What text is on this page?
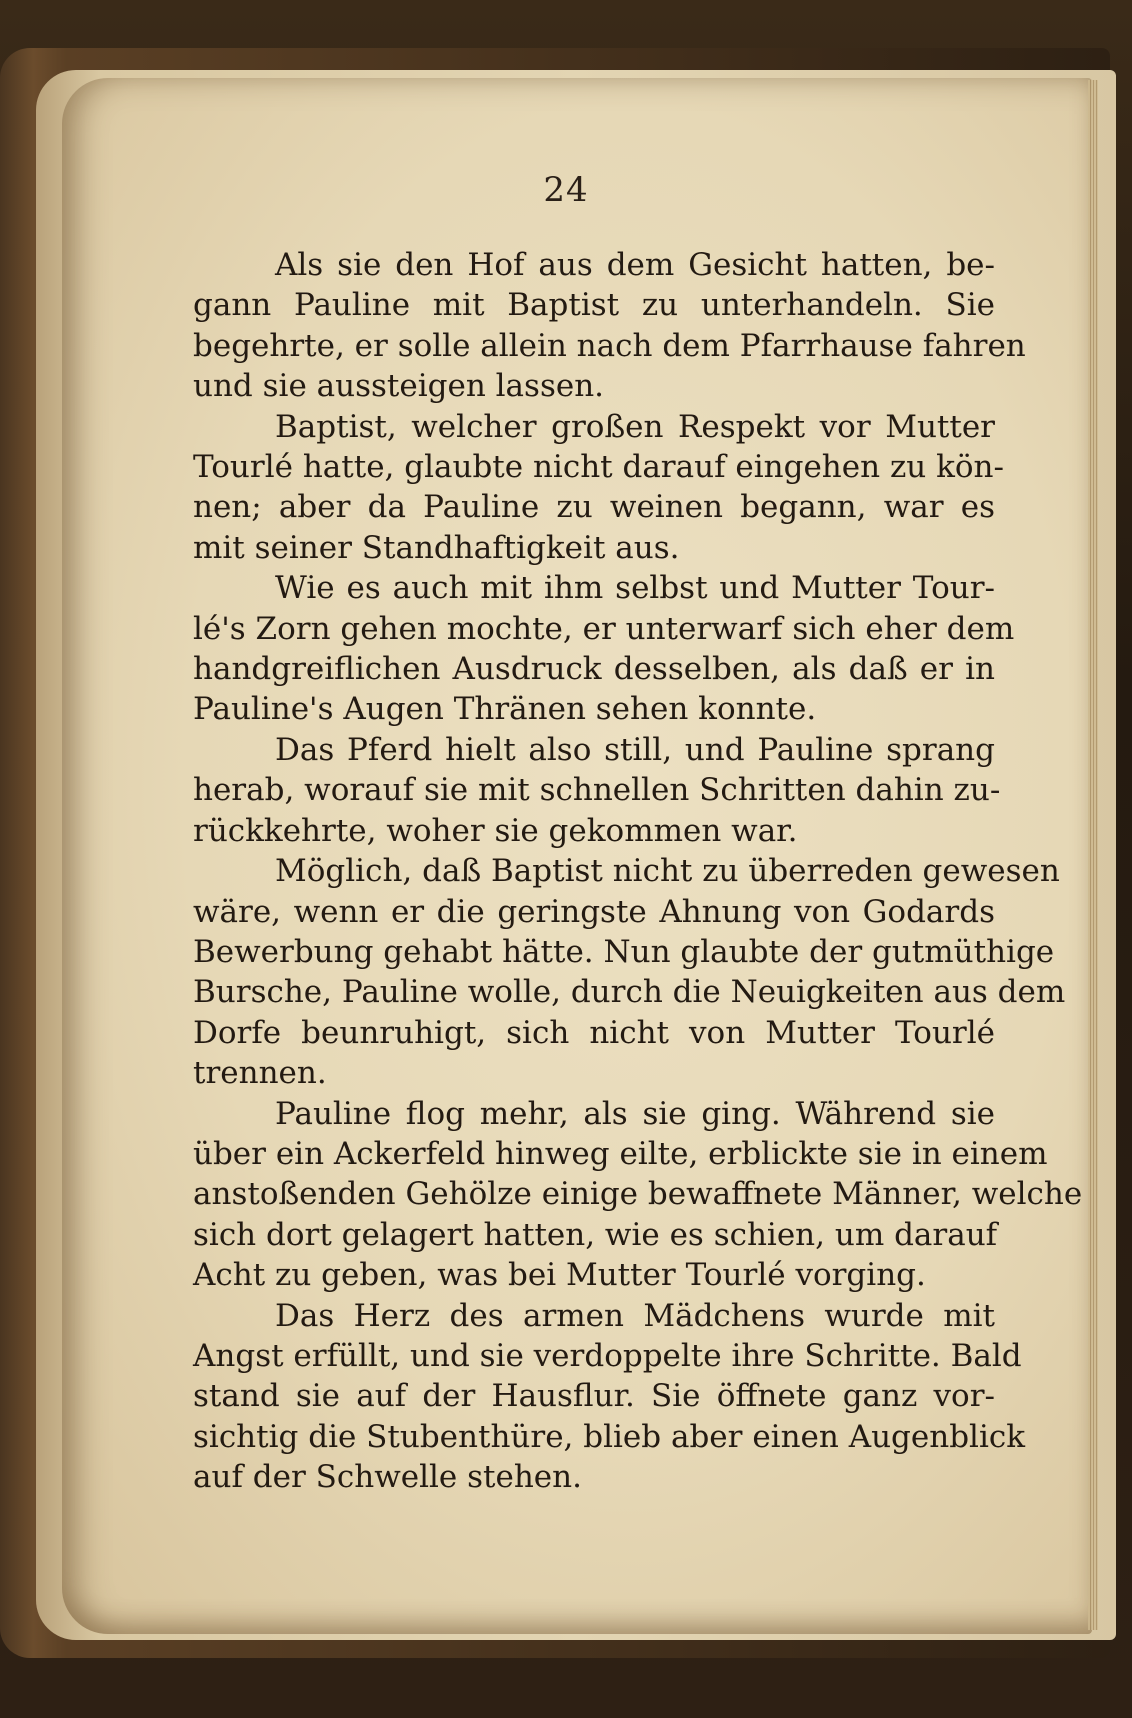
24
Als sie den Hof aus dem Gesicht hatten, be-
gann Pauline mit Baptist zu unterhandeln. Sie
begehrte, er solle allein nach dem Pfarrhause fahren
und sie aussteigen lassen.
Baptist, welcher großen Respekt vor Mutter
Tourlé hatte, glaubte nicht darauf eingehen zu kön-
nen; aber da Pauline zu weinen begann, war es
mit seiner Standhaftigkeit aus.
Wie es auch mit ihm selbst und Mutter Tour-
lé's Zorn gehen mochte, er unterwarf sich eher dem
handgreiflichen Ausdruck desselben, als daß er in
Pauline's Augen Thränen sehen konnte.
Das Pferd hielt also still, und Pauline sprang
herab, worauf sie mit schnellen Schritten dahin zu-
rückkehrte, woher sie gekommen war.
Möglich, daß Baptist nicht zu überreden gewesen
wäre, wenn er die geringste Ahnung von Godards
Bewerbung gehabt hätte. Nun glaubte der gutmüthige
Bursche, Pauline wolle, durch die Neuigkeiten aus dem
Dorfe beunruhigt, sich nicht von Mutter Tourlé
trennen.
Pauline flog mehr, als sie ging. Während sie
über ein Ackerfeld hinweg eilte, erblickte sie in einem
anstoßenden Gehölze einige bewaffnete Männer, welche
sich dort gelagert hatten, wie es schien, um darauf
Acht zu geben, was bei Mutter Tourlé vorging.
Das Herz des armen Mädchens wurde mit
Angst erfüllt, und sie verdoppelte ihre Schritte. Bald
stand sie auf der Hausflur. Sie öffnete ganz vor-
sichtig die Stubenthüre, blieb aber einen Augenblick
auf der Schwelle stehen.
